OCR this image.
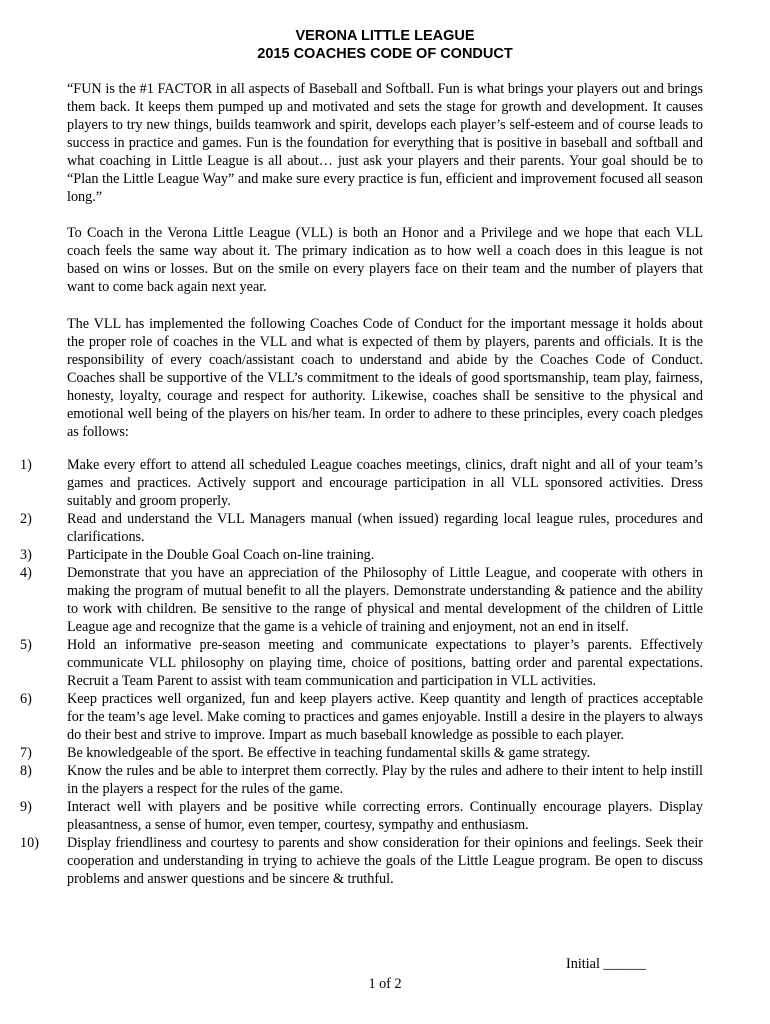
VERONA LITTLE LEAGUE
2015 COACHES CODE OF CONDUCT
“FUN is the #1 FACTOR in all aspects of Baseball and Softball. Fun is what brings your players out and brings them back. It keeps them pumped up and motivated and sets the stage for growth and development. It causes players to try new things, builds teamwork and spirit, develops each player’s self-esteem and of course leads to success in practice and games. Fun is the foundation for everything that is positive in baseball and softball and what coaching in Little League is all about… just ask your players and their parents. Your goal should be to “Plan the Little League Way” and make sure every practice is fun, efficient and improvement focused all season long.”
To Coach in the Verona Little League (VLL) is both an Honor and a Privilege and we hope that each VLL coach feels the same way about it. The primary indication as to how well a coach does in this league is not based on wins or losses. But on the smile on every players face on their team and the number of players that want to come back again next year.
The VLL has implemented the following Coaches Code of Conduct for the important message it holds about the proper role of coaches in the VLL and what is expected of them by players, parents and officials. It is the responsibility of every coach/assistant coach to understand and abide by the Coaches Code of Conduct. Coaches shall be supportive of the VLL’s commitment to the ideals of good sportsmanship, team play, fairness, honesty, loyalty, courage and respect for authority. Likewise, coaches shall be sensitive to the physical and emotional well being of the players on his/her team. In order to adhere to these principles, every coach pledges as follows:
1)	Make every effort to attend all scheduled League coaches meetings, clinics, draft night and all of your team’s games and practices. Actively support and encourage participation in all VLL sponsored activities. Dress suitably and groom properly.
2)	Read and understand the VLL Managers manual (when issued) regarding local league rules, procedures and clarifications.
3)	Participate in the Double Goal Coach on-line training.
4)	Demonstrate that you have an appreciation of the Philosophy of Little League, and cooperate with others in making the program of mutual benefit to all the players. Demonstrate understanding & patience and the ability to work with children. Be sensitive to the range of physical and mental development of the children of Little League age and recognize that the game is a vehicle of training and enjoyment, not an end in itself.
5)	Hold an informative pre-season meeting and communicate expectations to player’s parents. Effectively communicate VLL philosophy on playing time, choice of positions, batting order and parental expectations. Recruit a Team Parent to assist with team communication and participation in VLL activities.
6)	Keep practices well organized, fun and keep players active. Keep quantity and length of practices acceptable for the team’s age level. Make coming to practices and games enjoyable. Instill a desire in the players to always do their best and strive to improve. Impart as much baseball knowledge as possible to each player.
7)	Be knowledgeable of the sport. Be effective in teaching fundamental skills & game strategy.
8)	Know the rules and be able to interpret them correctly. Play by the rules and adhere to their intent to help instill in the players a respect for the rules of the game.
9)	Interact well with players and be positive while correcting errors. Continually encourage players. Display pleasantness, a sense of humor, even temper, courtesy, sympathy and enthusiasm.
10)	Display friendliness and courtesy to parents and show consideration for their opinions and feelings. Seek their cooperation and understanding in trying to achieve the goals of the Little League program. Be open to discuss problems and answer questions and be sincere & truthful.
Initial ______
1 of 2
